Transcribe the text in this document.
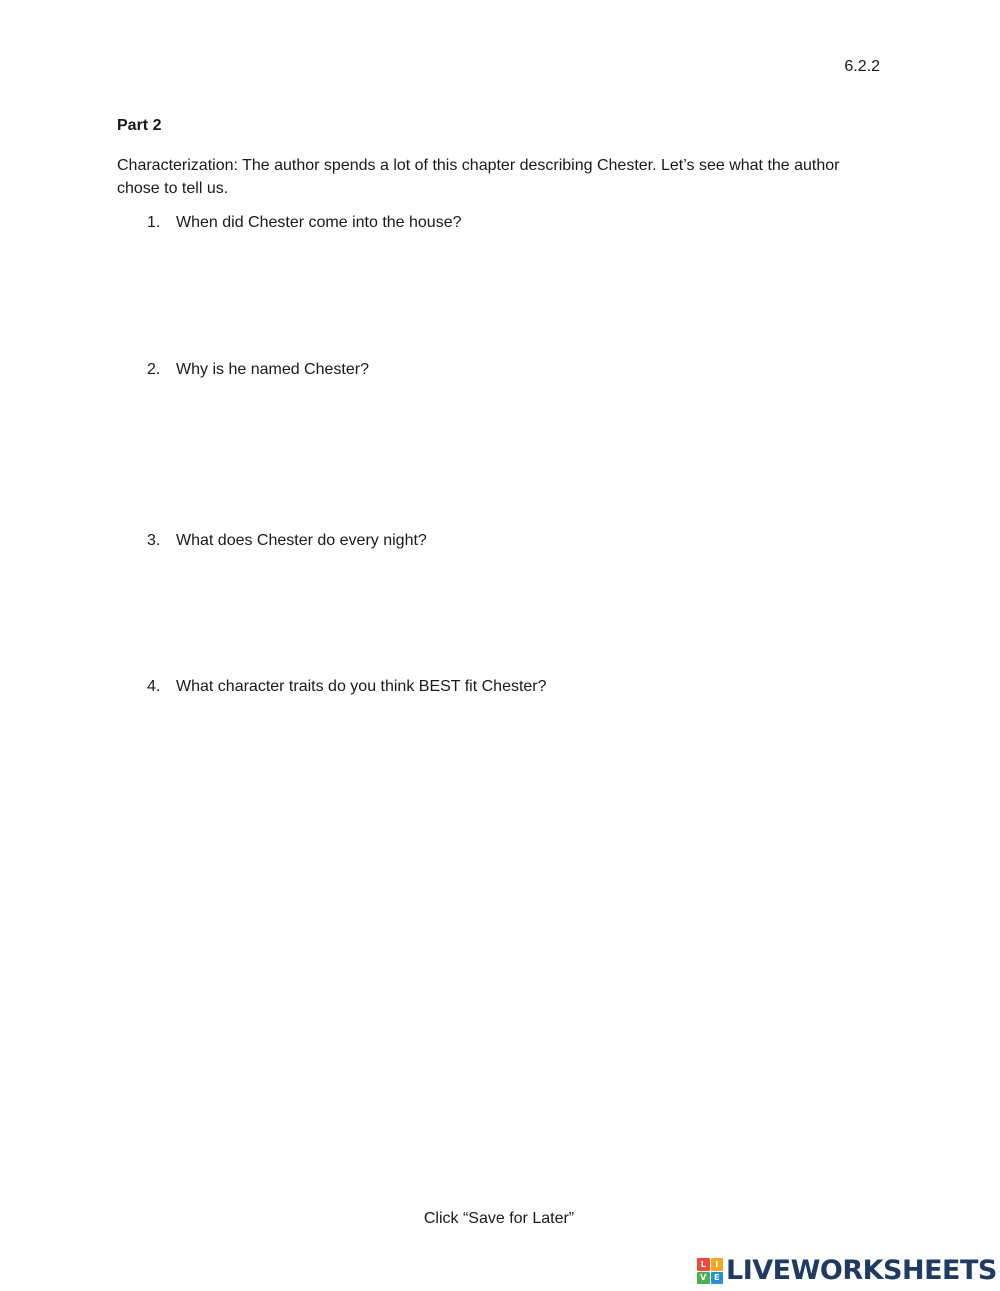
6.2.2
Part 2
Characterization: The author spends a lot of this chapter describing Chester. Let’s see what the author chose to tell us.
1. When did Chester come into the house?
2. Why is he named Chester?
3. What does Chester do every night?
4. What character traits do you think BEST fit Chester?
Click “Save for Later”
L	I
V E LIVEWORKSHEETS
